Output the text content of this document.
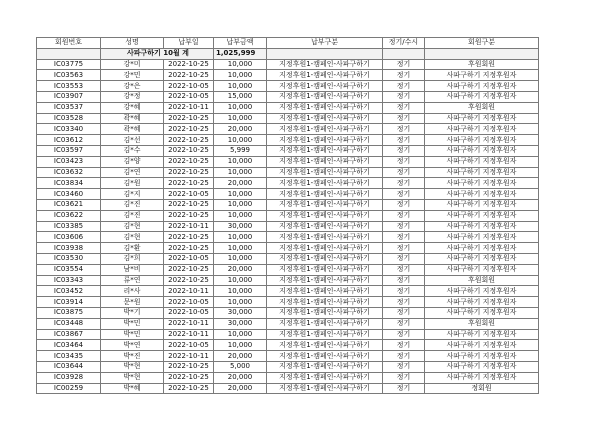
회원번호	성명	납부일	납부금액	납부구분	정기/수시	회원구분
	사파구하기 10월 계		1,025,999			
IC03775	강*미	2022-10-25	10,000	지정후원1-캠페인-사파구하기	정기	후원회원
IC03563	강*민	2022-10-25	10,000	지정후원1-캠페인-사파구하기	정기	사파구하기 지정후원자
IC03553	강*은	2022-10-05	10,000	지정후원1-캠페인-사파구하기	정기	사파구하기 지정후원자
IC03907	강*정	2022-10-05	15,000	지정후원1-캠페인-사파구하기	정기	사파구하기 지정후원자
IC03537	강*혜	2022-10-11	10,000	지정후원1-캠페인-사파구하기	정기	후원회원
IC03528	곽*혜	2022-10-25	10,000	지정후원1-캠페인-사파구하기	정기	사파구하기 지정후원자
IC03340	곽*혜	2022-10-25	20,000	지정후원1-캠페인-사파구하기	정기	사파구하기 지정후원자
IC03612	김*선	2022-10-25	10,000	지정후원1-캠페인-사파구하기	정기	사파구하기 지정후원자
IC03597	김*수	2022-10-25	5,999	지정후원1-캠페인-사파구하기	정기	사파구하기 지정후원자
IC03423	김*양	2022-10-25	10,000	지정후원1-캠페인-사파구하기	정기	사파구하기 지정후원자
IC03632	김*연	2022-10-25	10,000	지정후원1-캠페인-사파구하기	정기	사파구하기 지정후원자
IC03834	김*원	2022-10-25	20,000	지정후원1-캠페인-사파구하기	정기	사파구하기 지정후원자
IC03460	김*지	2022-10-05	10,000	지정후원1-캠페인-사파구하기	정기	사파구하기 지정후원자
IC03621	김*진	2022-10-25	10,000	지정후원1-캠페인-사파구하기	정기	사파구하기 지정후원자
IC03622	김*진	2022-10-25	10,000	지정후원1-캠페인-사파구하기	정기	사파구하기 지정후원자
IC03385	김*현	2022-10-11	30,000	지정후원1-캠페인-사파구하기	정기	사파구하기 지정후원자
IC03606	김*현	2022-10-25	10,000	지정후원1-캠페인-사파구하기	정기	사파구하기 지정후원자
IC03938	김*환	2022-10-25	10,000	지정후원1-캠페인-사파구하기	정기	사파구하기 지정후원자
IC03530	김*희	2022-10-05	10,000	지정후원1-캠페인-사파구하기	정기	사파구하기 지정후원자
IC03554	남*비	2022-10-25	20,000	지정후원1-캠페인-사파구하기	정기	사파구하기 지정후원자
IC03343	류*연	2022-10-25	10,000	지정후원1-캠페인-사파구하기	정기	후원회원
IC03452	리*사	2022-10-11	10,000	지정후원1-캠페인-사파구하기	정기	사파구하기 지정후원자
IC03914	문*원	2022-10-05	10,000	지정후원1-캠페인-사파구하기	정기	사파구하기 지정후원자
IC03875	박*기	2022-10-05	30,000	지정후원1-캠페인-사파구하기	정기	사파구하기 지정후원자
IC03448	박*민	2022-10-11	30,000	지정후원1-캠페인-사파구하기	정기	후원회원
IC03867	박*민	2022-10-11	10,000	지정후원1-캠페인-사파구하기	정기	사파구하기 지정후원자
IC03464	박*연	2022-10-05	10,000	지정후원1-캠페인-사파구하기	정기	사파구하기 지정후원자
IC03435	박*진	2022-10-11	20,000	지정후원1-캠페인-사파구하기	정기	사파구하기 지정후원자
IC03644	박*현	2022-10-25	5,000	지정후원1-캠페인-사파구하기	정기	사파구하기 지정후원자
IC03928	박*현	2022-10-25	20,000	지정후원1-캠페인-사파구하기	정기	사파구하기 지정후원자
IC00259	박*혜	2022-10-25	20,000	지정후원1-캠페인-사파구하기	정기	정회원
